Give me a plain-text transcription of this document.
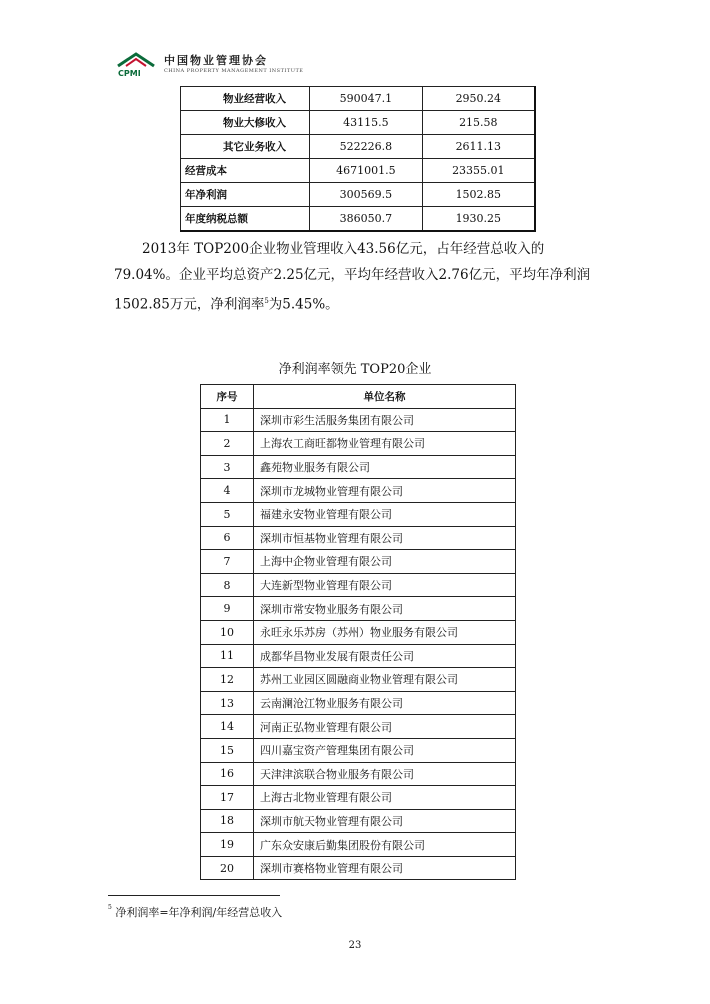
CPMI
中国物业管理协会
CHINA PROPERTY MANAGEMENT INSTITUTE
物业经营收入	590047.1	2950.24
物业大修收入	43115.5	215.58
其它业务收入	522226.8	2611.13
经营成本	4671001.5	23355.01
年净利润	300569.5	1502.85
年度纳税总额	386050.7	1930.25

2013年 TOP200企业物业管理收入43.56亿元，占年经营总收入的79.04%。企业平均总资产2.25亿元，平均年经营收入2.76亿元，平均年净利润1502.85万元，净利润率$^5$为5.45%。

净利润率领先 TOP20企业
序号	单位名称
1	深圳市彩生活服务集团有限公司
2	上海农工商旺都物业管理有限公司
3	鑫苑物业服务有限公司
4	深圳市龙城物业管理有限公司
5	福建永安物业管理有限公司
6	深圳市恒基物业管理有限公司
7	上海中企物业管理有限公司
8	大连新型物业管理有限公司
9	深圳市常安物业服务有限公司
10	永旺永乐苏房（苏州）物业服务有限公司
11	成都华昌物业发展有限责任公司
12	苏州工业园区圆融商业物业管理有限公司
13	云南澜沧江物业服务有限公司
14	河南正弘物业管理有限公司
15	四川嘉宝资产管理集团有限公司
16	天津津滨联合物业服务有限公司
17	上海古北物业管理有限公司
18	深圳市航天物业管理有限公司
19	广东众安康后勤集团股份有限公司
20	深圳市赛格物业管理有限公司
$^5$ 净利润率=年净利润/年经营总收入
23
